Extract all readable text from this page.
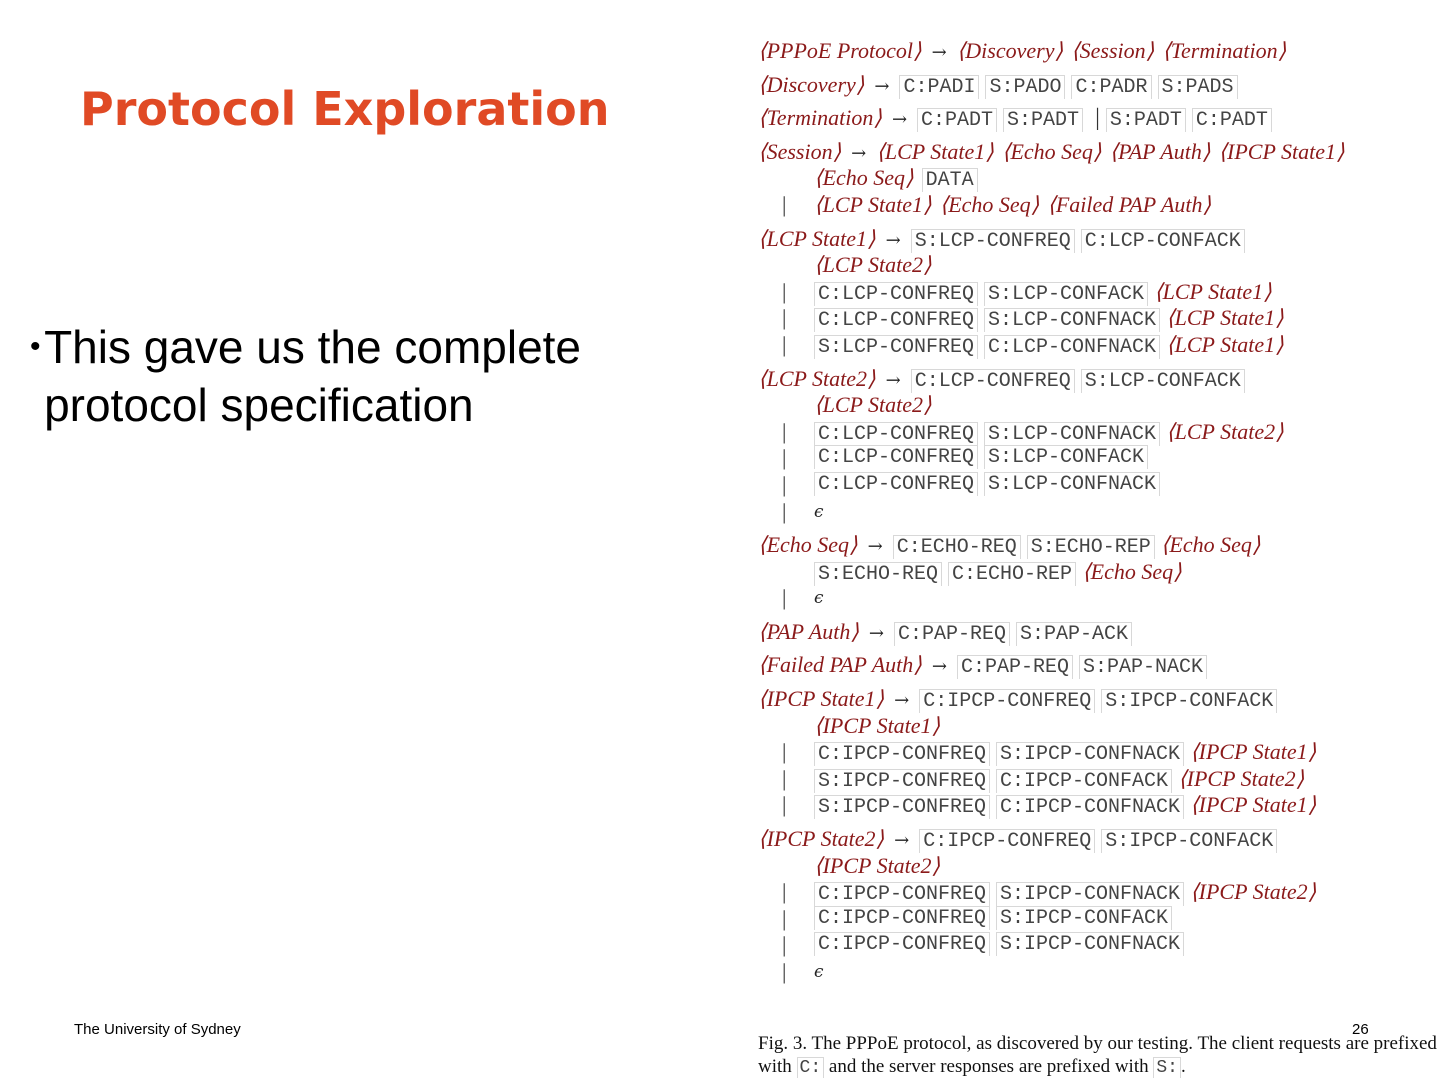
Protocol Exploration
• This gave us the complete protocol specification
⟨PPPoE Protocol⟩ → ⟨Discovery⟩ ⟨Session⟩ ⟨Termination⟩
⟨Discovery⟩ → C:PADI S:PADO C:PADR S:PADS
⟨Termination⟩ → C:PADT S:PADT | S:PADT C:PADT
⟨Session⟩ → ⟨LCP State1⟩ ⟨Echo Seq⟩ ⟨PAP Auth⟩ ⟨IPCP State1⟩
⟨Echo Seq⟩ DATA
| ⟨LCP State1⟩ ⟨Echo Seq⟩ ⟨Failed PAP Auth⟩
⟨LCP State1⟩ → S:LCP-CONFREQ C:LCP-CONFACK
⟨LCP State2⟩
| C:LCP-CONFREQ S:LCP-CONFACK ⟨LCP State1⟩
| C:LCP-CONFREQ S:LCP-CONFNACK ⟨LCP State1⟩
| S:LCP-CONFREQ C:LCP-CONFNACK ⟨LCP State1⟩
⟨LCP State2⟩ → C:LCP-CONFREQ S:LCP-CONFACK
⟨LCP State2⟩
| C:LCP-CONFREQ S:LCP-CONFNACK ⟨LCP State2⟩
| C:LCP-CONFREQ S:LCP-CONFACK
| C:LCP-CONFREQ S:LCP-CONFNACK
| ϵ
⟨Echo Seq⟩ → C:ECHO-REQ S:ECHO-REP ⟨Echo Seq⟩
S:ECHO-REQ C:ECHO-REP ⟨Echo Seq⟩
| ϵ
⟨PAP Auth⟩ → C:PAP-REQ S:PAP-ACK
⟨Failed PAP Auth⟩ → C:PAP-REQ S:PAP-NACK
⟨IPCP State1⟩ → C:IPCP-CONFREQ S:IPCP-CONFACK
⟨IPCP State1⟩
| C:IPCP-CONFREQ S:IPCP-CONFNACK ⟨IPCP State1⟩
| S:IPCP-CONFREQ C:IPCP-CONFACK ⟨IPCP State2⟩
| S:IPCP-CONFREQ C:IPCP-CONFNACK ⟨IPCP State1⟩
⟨IPCP State2⟩ → C:IPCP-CONFREQ S:IPCP-CONFACK
⟨IPCP State2⟩
| C:IPCP-CONFREQ S:IPCP-CONFNACK ⟨IPCP State2⟩
| C:IPCP-CONFREQ S:IPCP-CONFACK
| C:IPCP-CONFREQ S:IPCP-CONFNACK
| ϵ
Fig. 3. The PPPoE protocol, as discovered by our testing. The client requests are prefixed with C: and the server responses are prefixed with S: .
The University of Sydney	26
